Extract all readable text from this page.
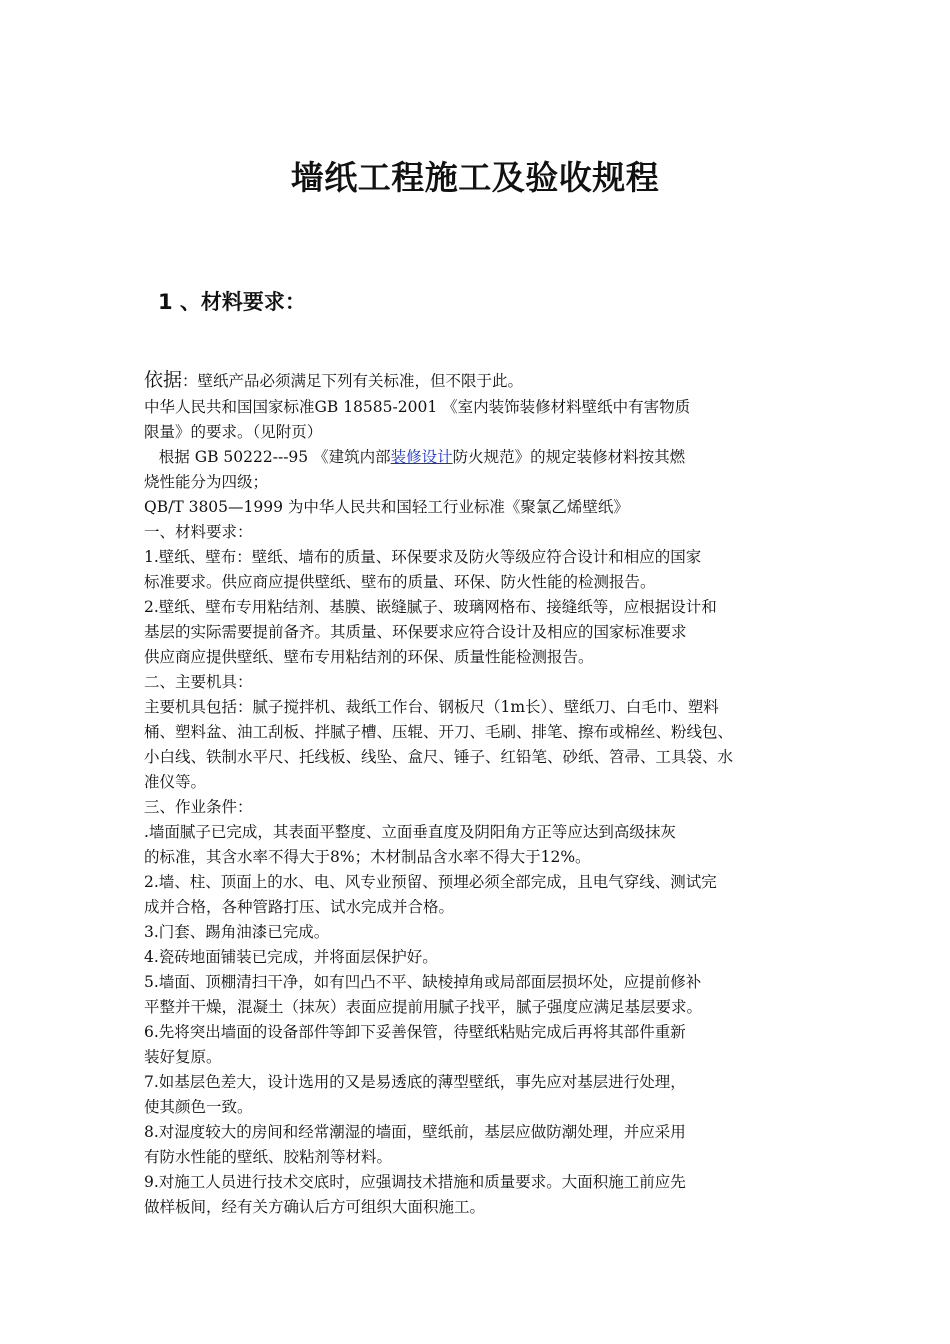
墙纸工程施工及验收规程
1 、材料要求：

依据：壁纸产品必须满足下列有关标准，但不限于此。

中华人民共和国国家标准GB 18585-2001 《室内装饰装修材料壁纸中有害物质

限量》的要求。（见附页）

根据 GB 50222---95 《建筑内部装修设计防火规范》的规定装修材料按其燃

烧性能分为四级；

QB/T 3805—1999 为中华人民共和国轻工行业标准《聚氯乙烯壁纸》

一、材料要求：

1.壁纸、壁布：壁纸、墙布的质量、环保要求及防火等级应符合设计和相应的国家

标准要求。供应商应提供壁纸、壁布的质量、环保、防火性能的检测报告。

2.壁纸、壁布专用粘结剂、基膜、嵌缝腻子、玻璃网格布、接缝纸等，应根据设计和

基层的实际需要提前备齐。其质量、环保要求应符合设计及相应的国家标准要求

供应商应提供壁纸、壁布专用粘结剂的环保、质量性能检测报告。

二、主要机具：

主要机具包括：腻子搅拌机、裁纸工作台、钢板尺（1m长）、壁纸刀、白毛巾、塑料

桶、塑料盆、油工刮板、拌腻子槽、压辊、开刀、毛刷、排笔、擦布或棉丝、粉线包、

小白线、铁制水平尺、托线板、线坠、盒尺、锤子、红铅笔、砂纸、笤帚、工具袋、水

准仪等。

三、作业条件：

.墙面腻子已完成，其表面平整度、立面垂直度及阴阳角方正等应达到高级抹灰

的标准，其含水率不得大于8%；木材制品含水率不得大于12%。

2.墙、柱、顶面上的水、电、风专业预留、预埋必须全部完成，且电气穿线、测试完

成并合格，各种管路打压、试水完成并合格。

3.门套、踢角油漆已完成。

4.瓷砖地面铺装已完成，并将面层保护好。

5.墙面、顶棚清扫干净，如有凹凸不平、缺棱掉角或局部面层损坏处，应提前修补

平整并干燥，混凝土（抹灰）表面应提前用腻子找平，腻子强度应满足基层要求。

6.先将突出墙面的设备部件等卸下妥善保管，待壁纸粘贴完成后再将其部件重新

装好复原。

7.如基层色差大，设计选用的又是易透底的薄型壁纸，事先应对基层进行处理，

使其颜色一致。

8.对湿度较大的房间和经常潮湿的墙面，壁纸前，基层应做防潮处理，并应采用

有防水性能的壁纸、胶粘剂等材料。

9.对施工人员进行技术交底时，应强调技术措施和质量要求。大面积施工前应先

做样板间，经有关方确认后方可组织大面积施工。
